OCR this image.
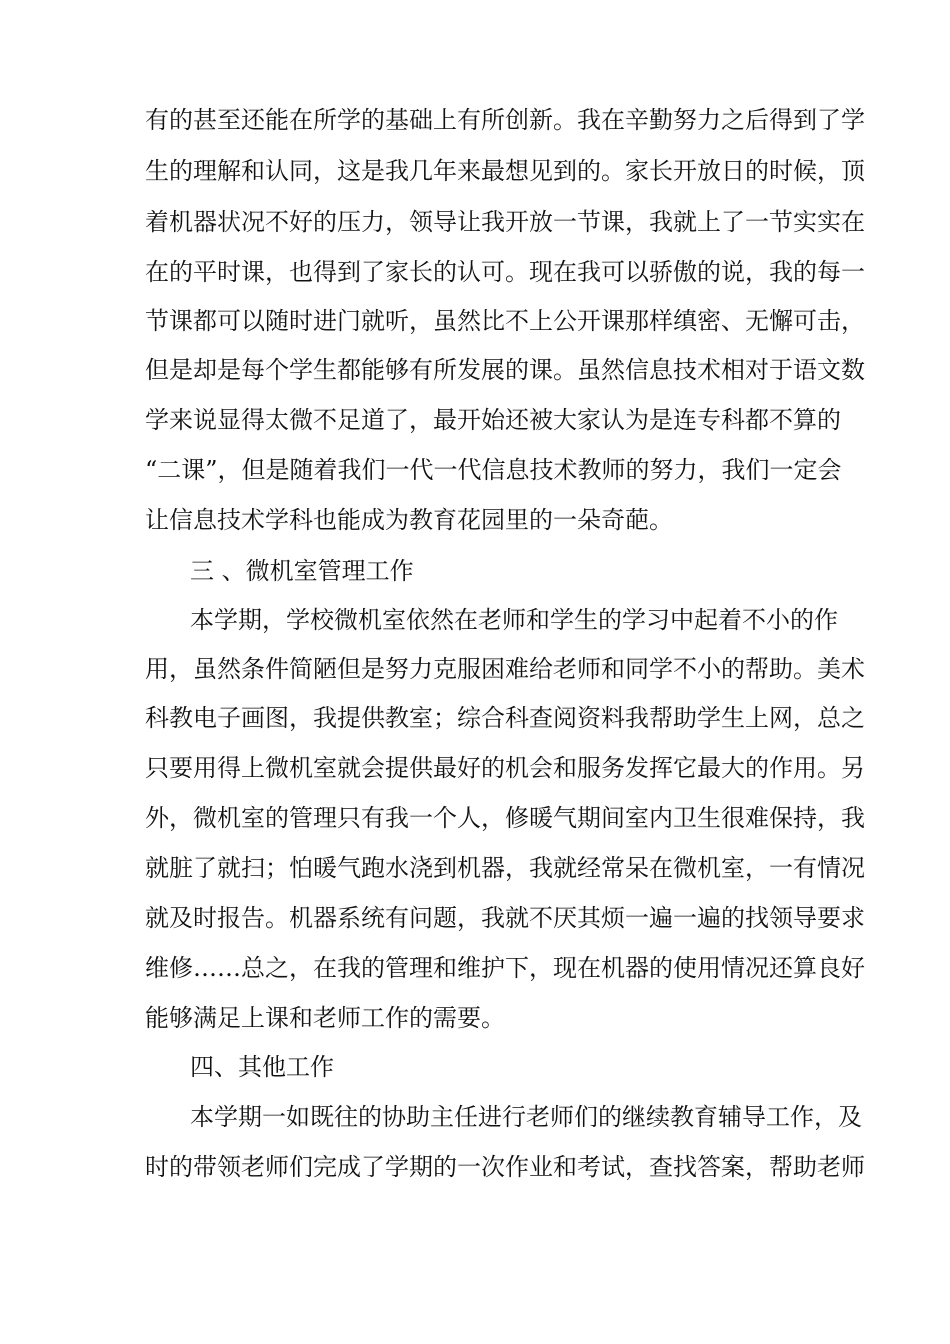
有的甚至还能在所学的基础上有所创新。我在辛勤努力之后得到了学
生的理解和认同，这是我几年来最想见到的。家长开放日的时候，顶
着机器状况不好的压力，领导让我开放一节课，我就上了一节实实在
在的平时课，也得到了家长的认可。现在我可以骄傲的说，我的每一
节课都可以随时进门就听，虽然比不上公开课那样缜密、无懈可击，
但是却是每个学生都能够有所发展的课。虽然信息技术相对于语文数
学来说显得太微不足道了，最开始还被大家认为是连专科都不算的
“二课”，但是随着我们一代一代信息技术教师的努力，我们一定会
让信息技术学科也能成为教育花园里的一朵奇葩。
三 、微机室管理工作
本学期，学校微机室依然在老师和学生的学习中起着不小的作
用，虽然条件简陋但是努力克服困难给老师和同学不小的帮助。美术
科教电子画图，我提供教室；综合科查阅资料我帮助学生上网，总之
只要用得上微机室就会提供最好的机会和服务发挥它最大的作用。另
外，微机室的管理只有我一个人，修暖气期间室内卫生很难保持，我
就脏了就扫；怕暖气跑水浇到机器，我就经常呆在微机室，一有情况
就及时报告。机器系统有问题，我就不厌其烦一遍一遍的找领导要求
维修……总之，在我的管理和维护下，现在机器的使用情况还算良好
能够满足上课和老师工作的需要。
四、其他工作
本学期一如既往的协助主任进行老师们的继续教育辅导工作，及
时的带领老师们完成了学期的一次作业和考试，查找答案，帮助老师
